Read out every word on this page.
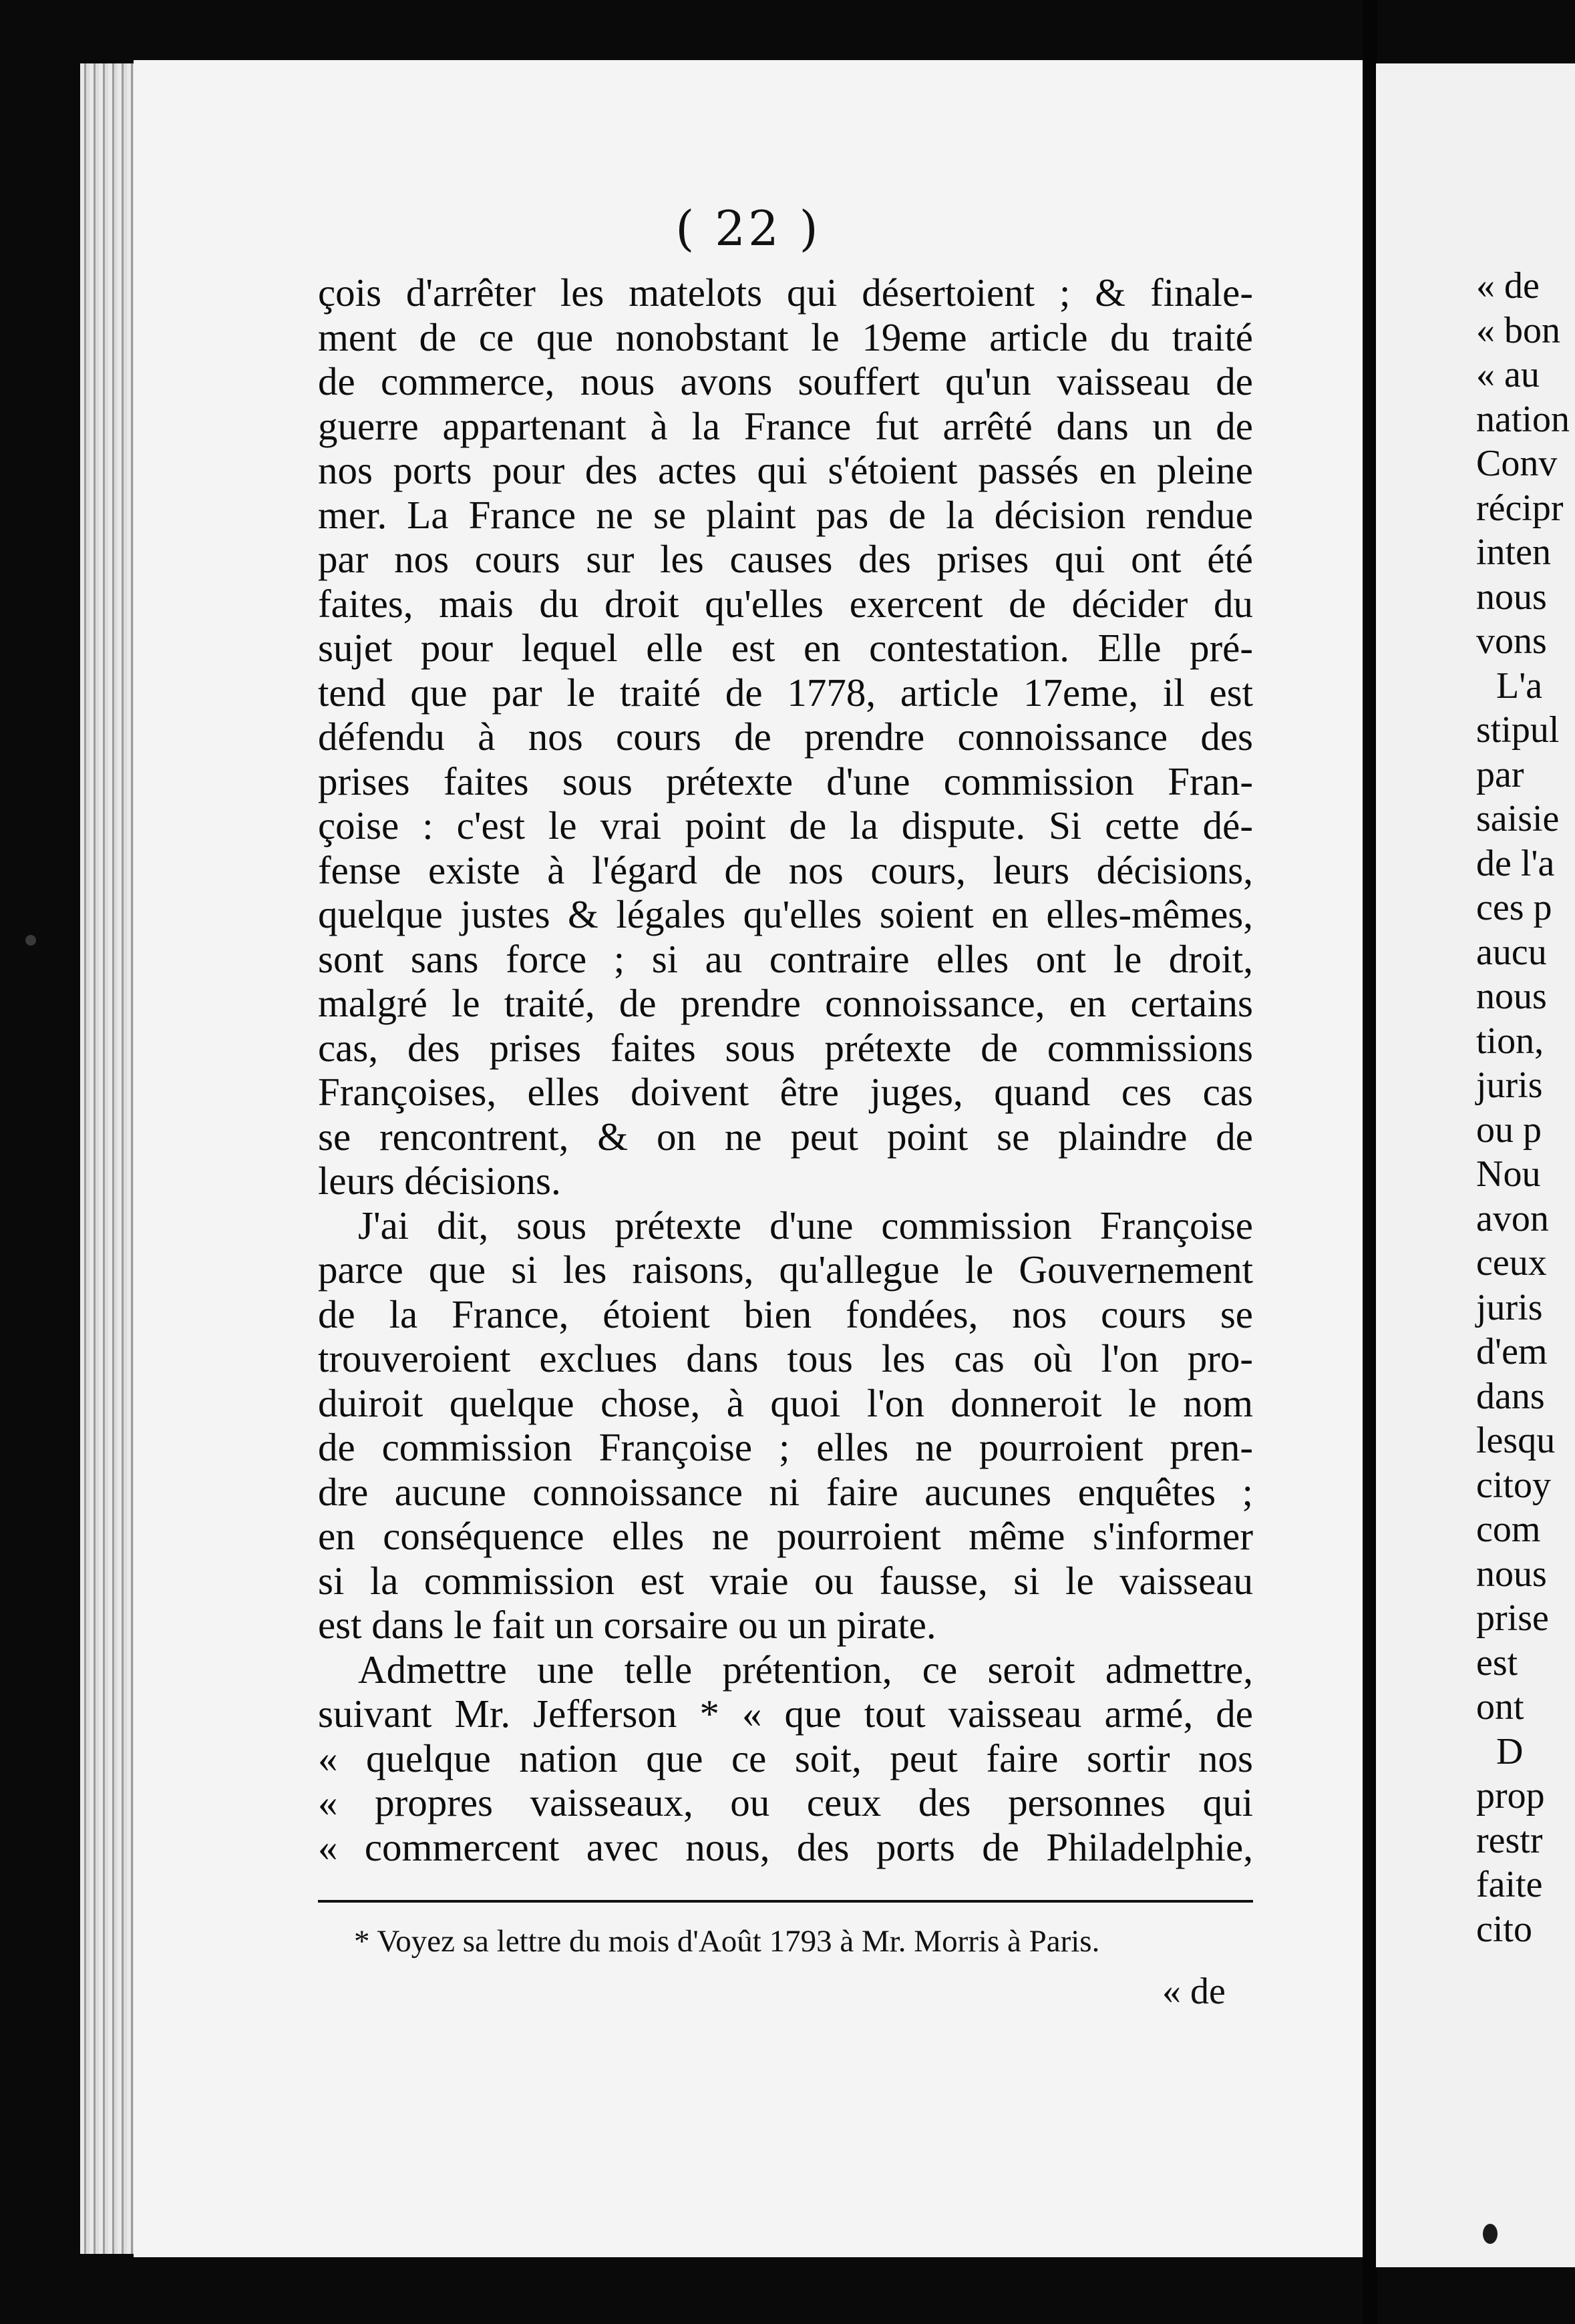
( 22 )
çois d'arrêter les matelots qui désertoient ; & finale-
ment de ce que nonobstant le 19eme article du traité
de commerce, nous avons souffert qu'un vaisseau de
guerre appartenant à la France fut arrêté dans un de
nos ports pour des actes qui s'étoient passés en pleine
mer. La France ne se plaint pas de la décision rendue
par nos cours sur les causes des prises qui ont été
faites, mais du droit qu'elles exercent de décider du
sujet pour lequel elle est en contestation. Elle pré-
tend que par le traité de 1778, article 17eme, il est
défendu à nos cours de prendre connoissance des
prises faites sous prétexte d'une commission Fran-
çoise : c'est le vrai point de la dispute. Si cette dé-
fense existe à l'égard de nos cours, leurs décisions,
quelque justes & légales qu'elles soient en elles-mêmes,
sont sans force ; si au contraire elles ont le droit,
malgré le traité, de prendre connoissance, en certains
cas, des prises faites sous prétexte de commissions
Françoises, elles doivent être juges, quand ces cas
se rencontrent, & on ne peut point se plaindre de
leurs décisions.
J'ai dit, sous prétexte d'une commission Françoise
parce que si les raisons, qu'allegue le Gouvernement
de la France, étoient bien fondées, nos cours se
trouveroient exclues dans tous les cas où l'on pro-
duiroit quelque chose, à quoi l'on donneroit le nom
de commission Françoise ; elles ne pourroient pren-
dre aucune connoissance ni faire aucunes enquêtes ;
en conséquence elles ne pourroient même s'informer
si la commission est vraie ou fausse, si le vaisseau
est dans le fait un corsaire ou un pirate.
Admettre une telle prétention, ce seroit admettre,
suivant Mr. Jefferson * « que tout vaisseau armé, de
« quelque nation que ce soit, peut faire sortir nos
« propres vaisseaux, ou ceux des personnes qui
« commercent avec nous, des ports de Philadelphie,
* Voyez sa lettre du mois d'Août 1793 à Mr. Morris à Paris.
« de
« de
« bon
« au
nation
Conv
récipr
inten
nous
vons
L'a
stipul
par
saisie
de l'a
ces p
aucu
nous
tion,
juris
ou p
Nou
avon
ceux
juris
d'em
dans
lesqu
citoy
com
nous
prise
est
ont
D
prop
restr
faite
cito
